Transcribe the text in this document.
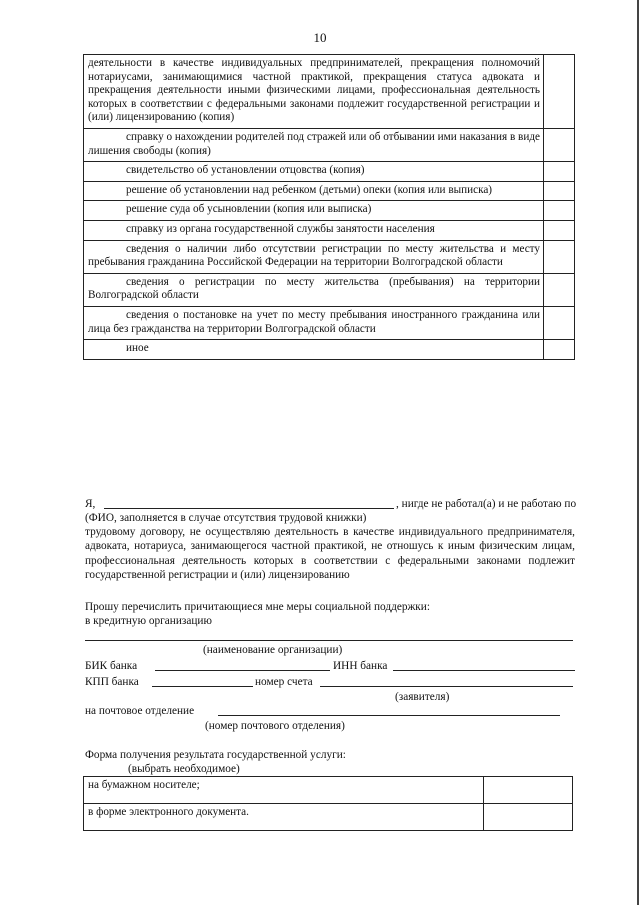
10
деятельности в качестве индивидуальных предпринимателей, прекращения полномочий нотариусами, занимающимися частной практикой, прекращения статуса адвоката и прекращения деятельности иными физическими лицами, профессиональная деятельность которых в соответствии с федеральными законами подлежит государственной регистрации и (или) лицензированию (копия)	
справку о нахождении родителей под стражей или об отбывании ими наказания в виде лишения свободы (копия)	
свидетельство об установлении отцовства (копия)	
решение об установлении над ребенком (детьми) опеки (копия или выписка)	
решение суда об усыновлении (копия или выписка)	
справку из органа государственной службы занятости населения	
сведения о наличии либо отсутствии регистрации по месту жительства и месту пребывания гражданина Российской Федерации на территории Волгоградской области	
сведения о регистрации по месту жительства (пребывания) на территории Волгоградской области	
сведения о постановке на учет по месту пребывания иностранного гражданина или лица без гражданства на территории Волгоградской области	
иное	
Я,	, нигде не работал(а) и не работаю по
(ФИО, заполняется в случае отсутствия трудовой книжки)
трудовому договору, не осуществляю деятельность в качестве индивидуального предпринимателя, адвоката, нотариуса, занимающегося частной практикой, не отношусь к иным физическим лицам, профессиональная деятельность которых в соответствии с федеральными законами подлежит государственной регистрации и (или) лицензированию
Прошу перечислить причитающиеся мне меры социальной поддержки:
в кредитную организацию
(наименование организации)
БИК банка	ИНН банка
КПП банка	номер счета
(заявителя)
на почтовое отделение
(номер почтового отделения)
Форма получения результата государственной услуги:
(выбрать необходимое)
на бумажном носителе;	
в форме электронного документа.	
